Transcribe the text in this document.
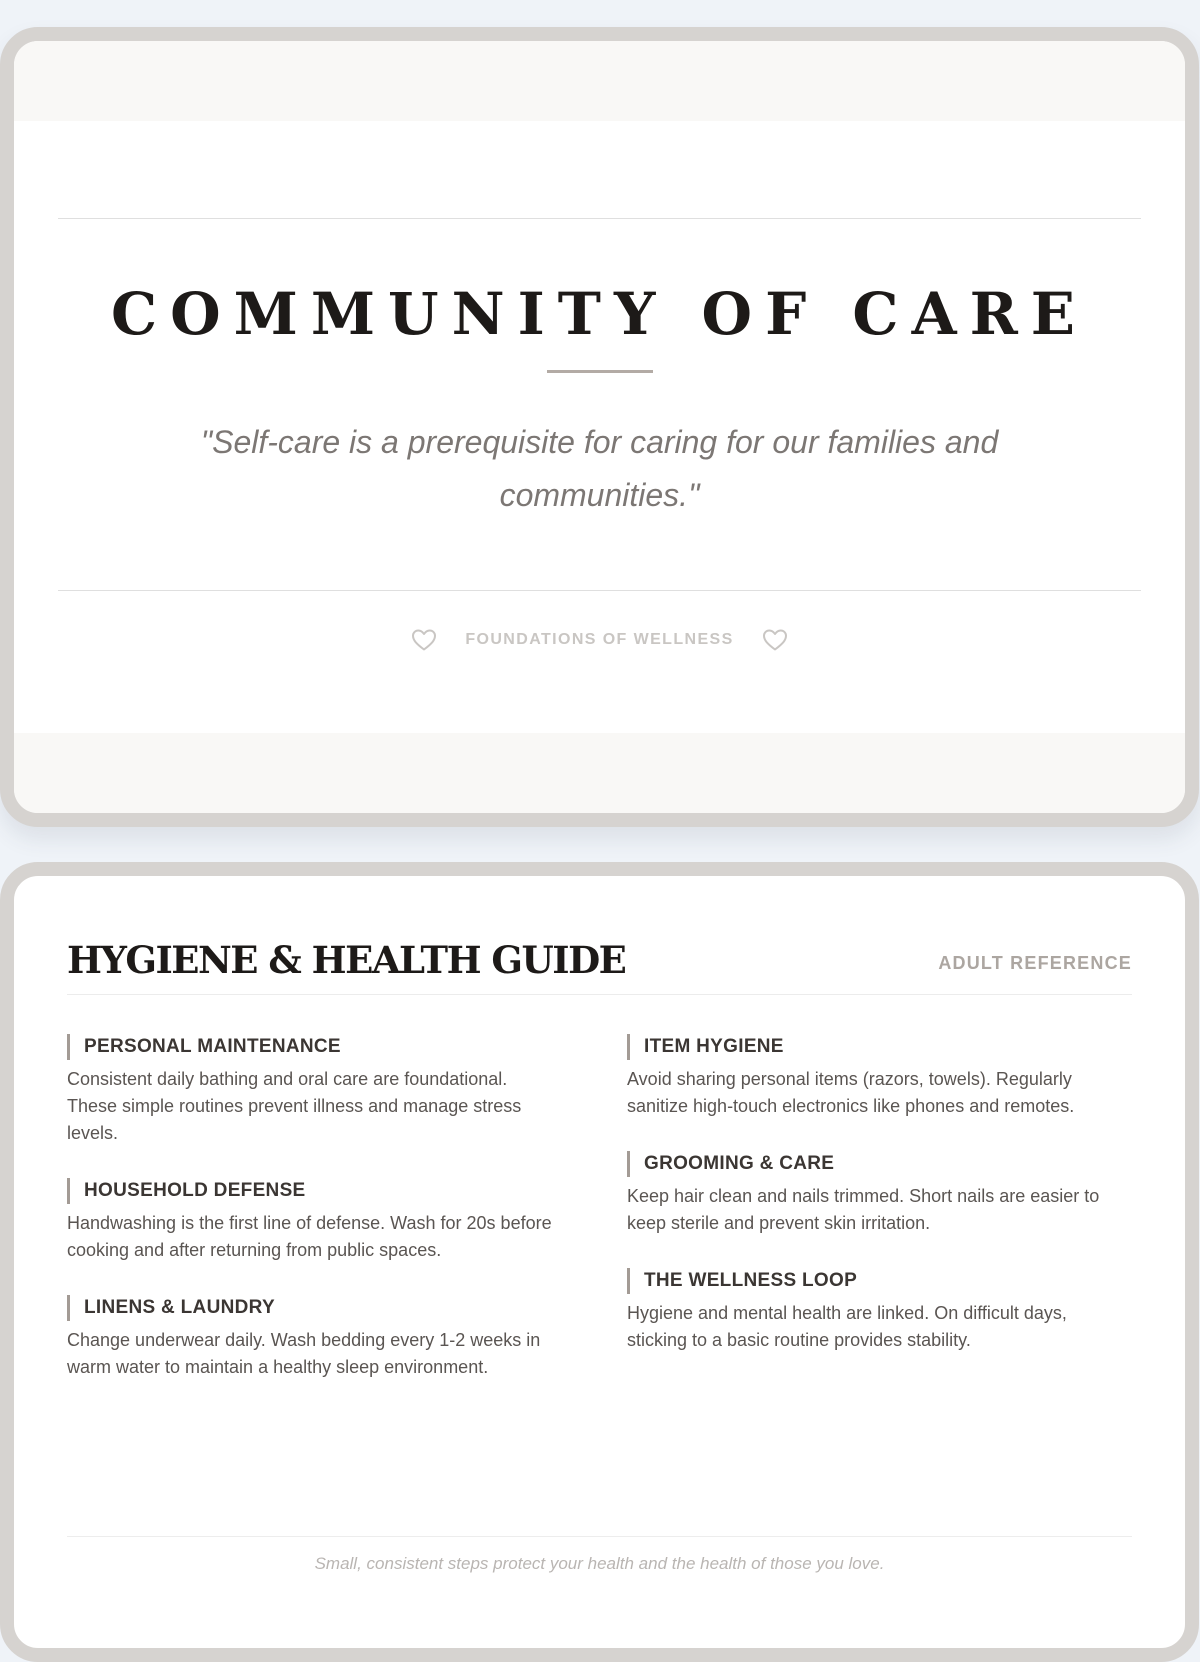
COMMUNITY OF CARE
"Self-care is a prerequisite for caring for our families and communities."
FOUNDATIONS OF WELLNESS
HYGIENE & HEALTH GUIDE	ADULT REFERENCE
PERSONAL MAINTENANCE
Consistent daily bathing and oral care are foundational. These simple routines prevent illness and manage stress levels.
HOUSEHOLD DEFENSE
Handwashing is the first line of defense. Wash for 20s before cooking and after returning from public spaces.
LINENS & LAUNDRY
Change underwear daily. Wash bedding every 1-2 weeks in warm water to maintain a healthy sleep environment.
ITEM HYGIENE
Avoid sharing personal items (razors, towels). Regularly sanitize high-touch electronics like phones and remotes.
GROOMING & CARE
Keep hair clean and nails trimmed. Short nails are easier to keep sterile and prevent skin irritation.
THE WELLNESS LOOP
Hygiene and mental health are linked. On difficult days, sticking to a basic routine provides stability.
Small, consistent steps protect your health and the health of those you love.
